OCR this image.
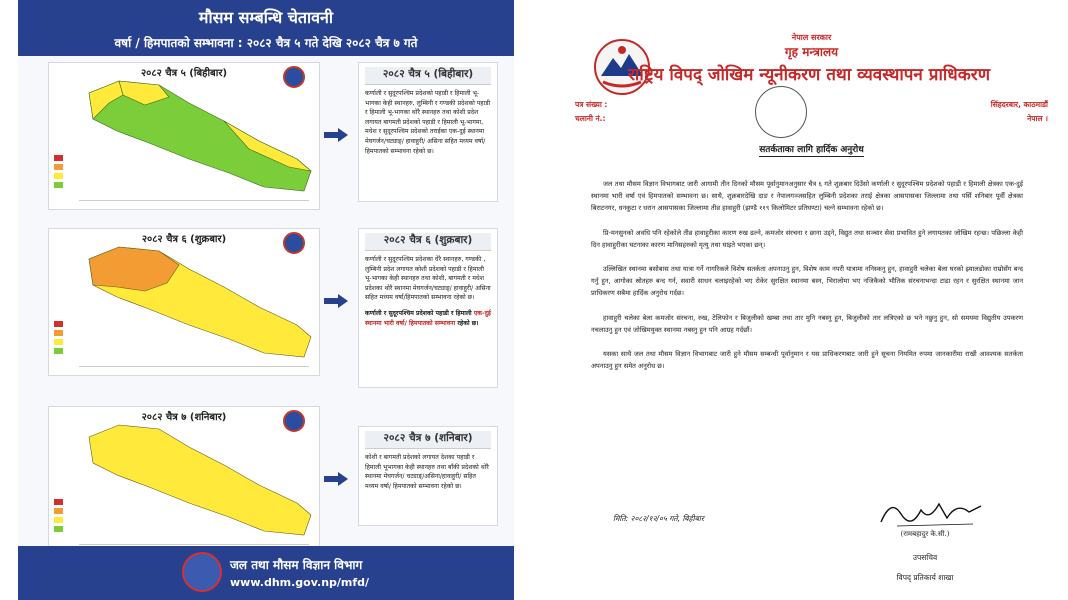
मौसम सम्बन्धि चेतावनी
वर्षा / हिमपातको सम्भावना : २०८२ चैत्र ५ गते देखि २०८२ चैत्र ७ गते
२०८२ चैत्र ५ (बिहीबार)	२०८२ चैत्र ५ (बिहीबार)

कर्णाली र सुदूरपश्चिम प्रदेशको पहाडी र हिमाली भू-भागका केही स्थानहरु, लुम्बिनी र गण्डकी प्रदेशको पहाडी र हिमाली भू-भागका थोरै स्थानहरु तथा कोशी प्रदेश लगायत बागमती प्रदेशको पहाडी र हिमाली भू-भागमा, मधेश र सुदूरपश्चिम प्रदेशको तराईका एक-दुई स्थानमा मेघगर्जन/चट्याङ्/ हावाहुरी/ असिना सहित मध्यम वर्षा/हिमपातको सम्भावना रहेको छ।

२०८२ चैत्र ६ (शुक्रबार)	२०८२ चैत्र ६ (शुक्रबार)

कर्णाली र सुदूरपश्चिम प्रदेशका धेरै स्थानहरु, गण्डकी , लुम्बिनी प्रदेश लगायत कोशी प्रदेशको पहाडी र हिमाली भू-भागका केही स्थानहरु तथा कोशी, बागमती र मधेश प्रदेशका थोरै स्थानमा मेघगर्जन/चट्याङ्/ हावाहुरी/ असिना सहित मध्यम वर्षा/हिमपातको सम्भावना रहेको छ।

कर्णाली र सुदूरपश्चिम प्रदेशको पहाडी र हिमाली एक-दुई स्थानमा भारी वर्षा/ हिमपातको सम्भावना रहेको छ।

२०८२ चैत्र ७ (शनिबार)
२०८२ चैत्र ७ (शनिबार)

कोशी र बागमती प्रदेशको लगायत देशका पहाडी र हिमाली भूभागका केही स्थानहरु तथा बाँकी प्रदेशको थोरै स्थानमा मेघगर्जन/ चट्याङ्/असिना/हावाहुरी/ सहित मध्यम वर्षा/ हिमपातको सम्भावना रहेको छ।

जल तथा मौसम विज्ञान विभाग
www.dhm.gov.np/mfd/
नेपाल सरकार
गृह मन्त्रालय
राष्ट्रिय विपद् जोखिम न्यूनीकरण तथा व्यवस्थापन प्राधिकरण
पत्र संख्या :
चलानी नं.:
सिंहदरबार, काठमाडौं
नेपाल ।
सतर्कताका लागि हार्दिक अनुरोध

जल तथा मौसम विज्ञान विभागबाट जारी आगामी तीन दिनको मौसम पूर्वानुमानअनुसार चैत्र ६ गते शुक्रबार दिउँसो कर्णाली र सुदूरपश्चिम प्रदेशको पहाडी र हिमाली क्षेत्रका एक-दुई स्थानमा भारी वर्षा एवं हिमपातको सम्भावना छ। साथै, शुक्रबारदेखि दाङ र नेपालगञ्जसहित लुम्बिनी प्रदेशका तराई क्षेत्रका आसपासका जिल्लामा तथा पर्सि शनिबार पूर्वी क्षेत्रका बिराटनगर, धनकुटा र धरान आसपासका जिल्लामा तीव्र हावाहुरी (झण्डै ११९ किलोमिटर प्रतिघण्टा) चल्ने सम्भावना रहेको छ।

प्रि-मनसुनको अवधि पनि रहेकोले तीव्र हावाहुरीका कारण रुख ढल्ने, कमजोर संरचना र छाना उड्ने, विद्युत तथा सञ्चार सेवा प्रभावित हुने लगायतका जोखिम रहन्छ। पछिल्ला केही दिन हावाहुरीका घटनाका कारण मानिसहरुको मृत्यु तथा घाइते भएका छन्।

उल्लिखित स्थानमा बसोबास तथा यात्रा गर्ने नागरिकले विशेष सतर्कता अपनाउनु हुन, विशेष काम नपरी यात्रामा ननिस्कनु हुन, हावाहुरी चलेका बेला घरको झ्यालढोका राम्रोसँग बन्द गर्नु हुन, आगोका स्रोतहरु बन्द गर्न, सवारी साधन चलाइरहेको भए रोकेर सुरक्षित स्थानमा बस्न, भिरालोमा भए नजिकैको भौतिक संरचनाभन्दा टाढा रहन र सुरक्षित स्थानमा जान प्राधिकरण सबैमा हार्दिक अनुरोध गर्दछ।

हावाहुरी चलेका बेला कमजोर संरचना, रुख, टेलिफोन र बिजुलीको खम्बा तथा तार मुनि नबस्नु हुन, बिजुलीको तार लत्रिएको छ भने नछुनु हुन, सो समयमा विद्युतीय उपकरण नचलाउनु हुन एवं जोखिमयुक्त स्थानमा नबस्नु हुन पनि आग्रह गर्दछौं।

यसका साथै जल तथा मौसम विज्ञान विभागबाट जारी हुने मौसम सम्बन्धी पूर्वानुमान र यस प्राधिकरणबाट जारी हुने सूचना नियमित रुपमा जानकारीमा राखी आवश्यक सतर्कता अपनाउनु हुन समेत अनुरोध छ।

मिति: २०८२/१२/०५ गते, बिहीबार
(रामबहादुर के.सी.)
उपसचिव
विपद् प्रतिकार्य शाखा
